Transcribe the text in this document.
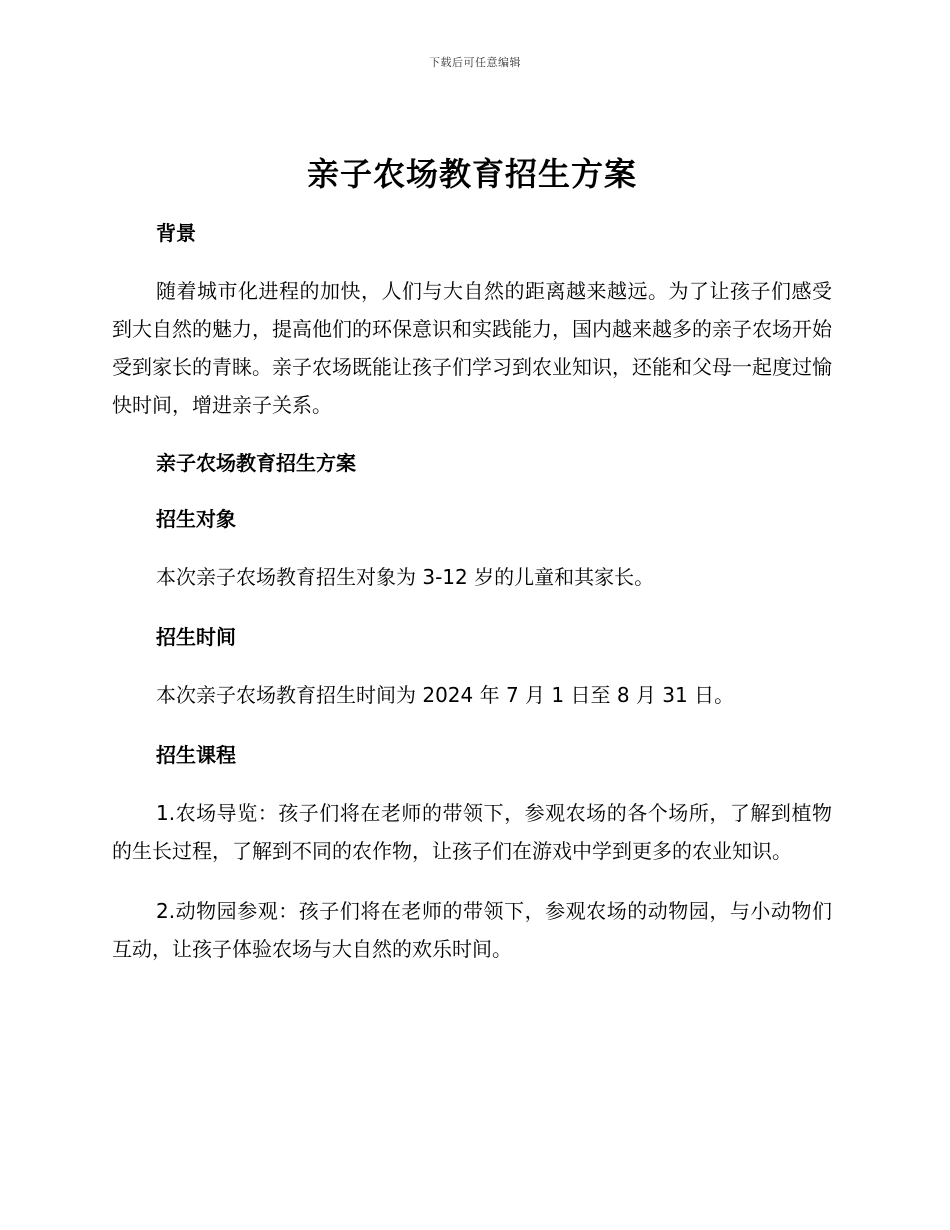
下载后可任意编辑
亲子农场教育招生方案
背景

随着城市化进程的加快，人们与大自然的距离越来越远。为了让孩子们感受到大自然的魅力，提高他们的环保意识和实践能力，国内越来越多的亲子农场开始受到家长的青睐。亲子农场既能让孩子们学习到农业知识，还能和父母一起度过愉快时间，增进亲子关系。

亲子农场教育招生方案
招生对象

本次亲子农场教育招生对象为 3-12 岁的儿童和其家长。

招生时间

本次亲子农场教育招生时间为 2024 年 7 月 1 日至 8 月 31 日。

招生课程

1.农场导览：孩子们将在老师的带领下，参观农场的各个场所，了解到植物的生长过程，了解到不同的农作物，让孩子们在游戏中学到更多的农业知识。

2.动物园参观：孩子们将在老师的带领下，参观农场的动物园，与小动物们互动，让孩子体验农场与大自然的欢乐时间。
